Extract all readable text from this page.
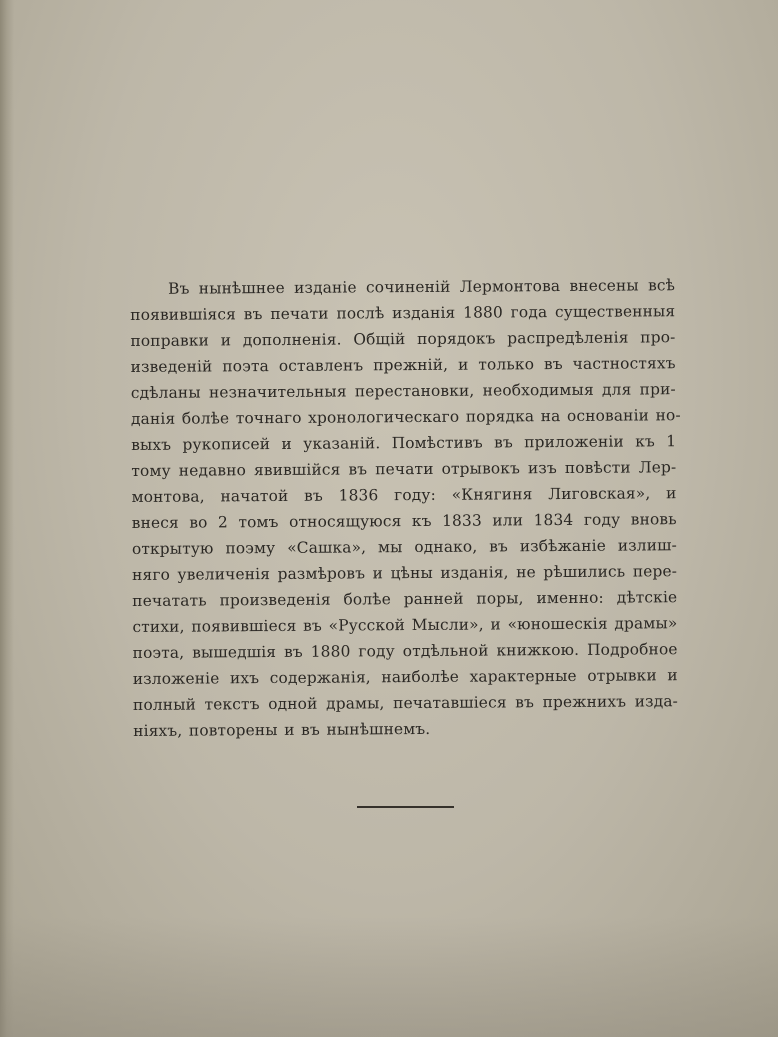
Въ нынѣшнее изданіе сочиненій Лермонтова внесены всѣ
появившіяся въ печати послѣ изданія 1880 года существенныя
поправки и дополненія. Общій порядокъ распредѣленія про-
изведеній поэта оставленъ прежній, и только въ частностяхъ
сдѣланы незначительныя перестановки, необходимыя для при-
данія болѣе точнаго хронологическаго порядка на основаніи но-
выхъ рукописей и указаній. Помѣстивъ въ приложеніи къ 1
тому недавно явившійся въ печати отрывокъ изъ повѣсти Лер-
монтова, начатой въ 1836 году: «Княгиня Лиговская», и
внеся во 2 томъ относящуюся къ 1833 или 1834 году вновь
открытую поэму «Сашка», мы однако, въ избѣжаніе излиш-
няго увеличенія размѣровъ и цѣны изданія, не рѣшились пере-
печатать произведенія болѣе ранней поры, именно: дѣтскіе
стихи, появившіеся въ «Русской Мысли», и «юношескія драмы»
поэта, вышедшія въ 1880 году отдѣльной книжкою. Подробное
изложеніе ихъ содержанія, наиболѣе характерные отрывки и
полный текстъ одной драмы, печатавшіеся въ прежнихъ изда-
ніяхъ, повторены и въ нынѣшнемъ.
